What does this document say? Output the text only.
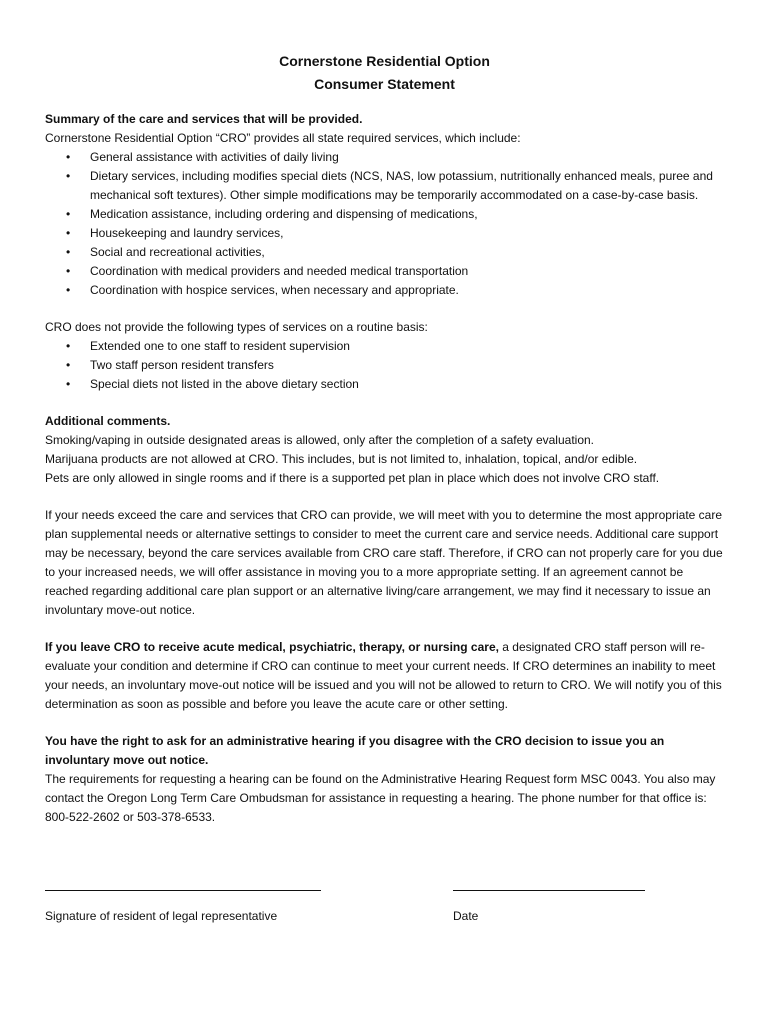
Cornerstone Residential Option
Consumer Statement

Summary of the care and services that will be provided.

Cornerstone Residential Option “CRO” provides all state required services, which include:

• General assistance with activities of daily living
• Dietary services, including modifies special diets (NCS, NAS, low potassium, nutritionally enhanced meals, puree and mechanical soft textures). Other simple modifications may be temporarily accommodated on a case-by-case basis.
• Medication assistance, including ordering and dispensing of medications,
• Housekeeping and laundry services,
• Social and recreational activities,
• Coordination with medical providers and needed medical transportation
• Coordination with hospice services, when necessary and appropriate.

CRO does not provide the following types of services on a routine basis:

• Extended one to one staff to resident supervision
• Two staff person resident transfers
• Special diets not listed in the above dietary section

Additional comments.

Smoking/vaping in outside designated areas is allowed, only after the completion of a safety evaluation.

Marijuana products are not allowed at CRO. This includes, but is not limited to, inhalation, topical, and/or edible.

Pets are only allowed in single rooms and if there is a supported pet plan in place which does not involve CRO staff.

If your needs exceed the care and services that CRO can provide, we will meet with you to determine the most appropriate care plan supplemental needs or alternative settings to consider to meet the current care and service needs. Additional care support may be necessary, beyond the care services available from CRO care staff. Therefore, if CRO can not properly care for you due to your increased needs, we will offer assistance in moving you to a more appropriate setting. If an agreement cannot be reached regarding additional care plan support or an alternative living/care arrangement, we may find it necessary to issue an involuntary move-out notice.

If you leave CRO to receive acute medical, psychiatric, therapy, or nursing care, a designated CRO staff person will re-evaluate your condition and determine if CRO can continue to meet your current needs. If CRO determines an inability to meet your needs, an involuntary move-out notice will be issued and you will not be allowed to return to CRO. We will notify you of this determination as soon as possible and before you leave the acute care or other setting.

You have the right to ask for an administrative hearing if you disagree with the CRO decision to issue you an involuntary move out notice.

The requirements for requesting a hearing can be found on the Administrative Hearing Request form MSC 0043. You also may contact the Oregon Long Term Care Ombudsman for assistance in requesting a hearing. The phone number for that office is: 800-522-2602 or 503-378-6533.

Signature of resident of legal representative	Date
